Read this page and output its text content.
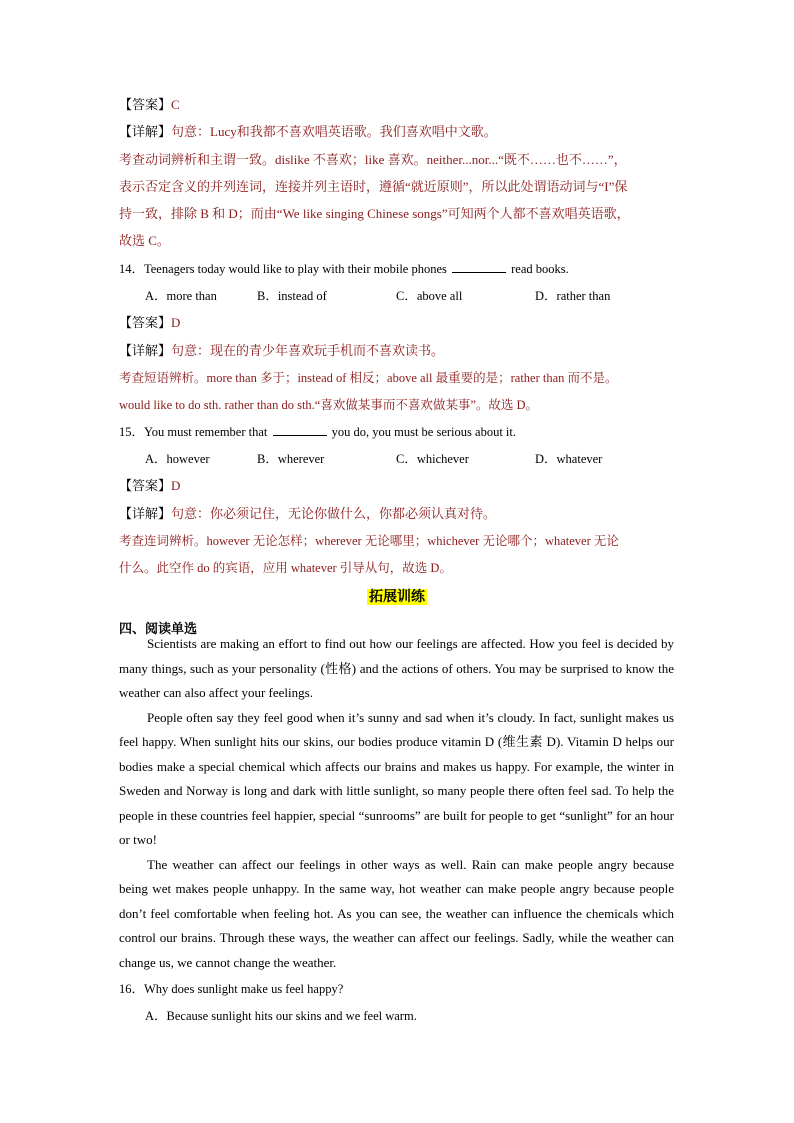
【答案】C
【详解】句意：Lucy和我都不喜欢唱英语歌。我们喜欢唱中文歌。
考查动词辨析和主谓一致。dislike 不喜欢；like 喜欢。neither...nor...“既不……也不……”，
表示否定含义的并列连词，连接并列主语时，遵循“就近原则”，所以此处谓语动词与“I”保
持一致，排除 B 和 D；而由“We like singing Chinese songs”可知两个人都不喜欢唱英语歌，
故选 C。
14．Teenagers today would like to play with their mobile phones	read books.
A．more than	B．instead of	C．above all	D．rather than
【答案】D
【详解】句意：现在的青少年喜欢玩手机而不喜欢读书。
考查短语辨析。more than 多于；instead of 相反；above all 最重要的是；rather than 而不是。
would like to do sth. rather than do sth.“喜欢做某事而不喜欢做某事”。故选 D。
15．You must remember that	you do, you must be serious about it.
A．however	B．wherever	C．whichever	D．whatever
【答案】D
【详解】句意：你必须记住，无论你做什么，你都必须认真对待。
考查连词辨析。however 无论怎样；wherever 无论哪里；whichever 无论哪个；whatever 无论
什么。此空作 do 的宾语，应用 whatever 引导从句，故选 D。
拓展训练
四、阅读单选

Scientists are making an effort to find out how our feelings are affected. How you feel is decided by many things, such as your personality (性格) and the actions of others. You may be surprised to know the weather can also affect your feelings.

People often say they feel good when it’s sunny and sad when it’s cloudy. In fact, sunlight makes us feel happy. When sunlight hits our skins, our bodies produce vitamin D (维生素 D). Vitamin D helps our bodies make a special chemical which affects our brains and makes us happy. For example, the winter in Sweden and Norway is long and dark with little sunlight, so many people there often feel sad. To help the people in these countries feel happier, special “sunrooms” are built for people to get “sunlight” for an hour or two!

The weather can affect our feelings in other ways as well. Rain can make people angry because being wet makes people unhappy. In the same way, hot weather can make people angry because people don’t feel comfortable when feeling hot. As you can see, the weather can influence the chemicals which control our brains. Through these ways, the weather can affect our feelings. Sadly, while the weather can change us, we cannot change the weather.

16．Why does sunlight make us feel happy?
A．Because sunlight hits our skins and we feel warm.
